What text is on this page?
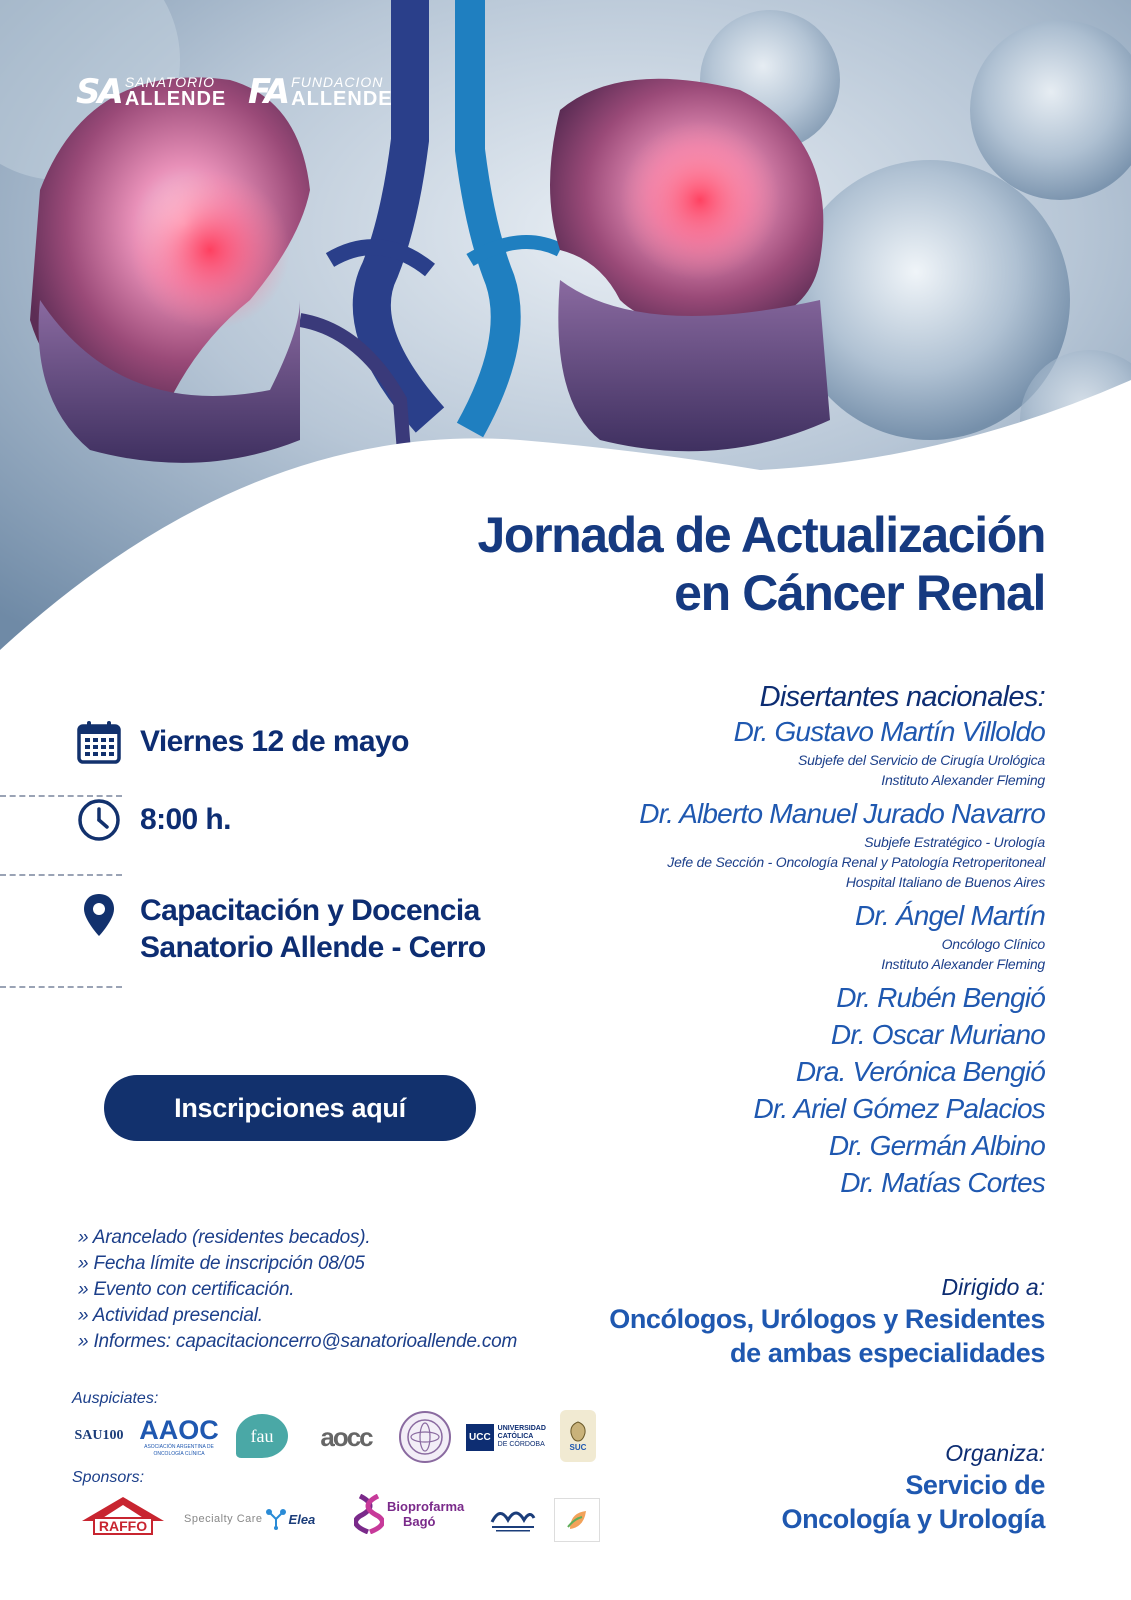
SA SANATORIO
ALLENDE FA FUNDACION
ALLENDE
Jornada de Actualización
en Cáncer Renal
Viernes 12 de mayo
8:00 h.
Capacitación y Docencia
Sanatorio Allende - Cerro
Inscripciones aquí
» Arancelado (residentes becados).
» Fecha límite de inscripción 08/05
» Evento con certificación.
» Actividad presencial.
» Informes: capacitacioncerro@sanatorioallende.com
Disertantes nacionales:
Dr. Gustavo Martín Villoldo
Subjefe del Servicio de Cirugía Urológica
Instituto Alexander Fleming
Dr. Alberto Manuel Jurado Navarro
Subjefe Estratégico - Urología
Jefe de Sección - Oncología Renal y Patología Retroperitoneal
Hospital Italiano de Buenos Aires
Dr. Ángel Martín
Oncólogo Clínico
Instituto Alexander Fleming
Dr. Rubén Bengió
Dr. Oscar Muriano
Dra. Verónica Bengió
Dr. Ariel Gómez Palacios
Dr. Germán Albino
Dr. Matías Cortes
Dirigido a:
Oncólogos, Urólogos y Residentes
de ambas especialidades
Organiza:
Servicio de
Oncología y Urología
Auspiciates:
SAU100 AAOC
ASOCIACIÓN ARGENTINA DE ONCOLOGÍA CLÍNICA
fau	aocc	UCC
UNIVERSIDAD
CATÓLICA
DE CÓRDOBA	SUC
Sponsors:
RAFFO	Specialty Care Elea
Bioprofarma
Bagó
